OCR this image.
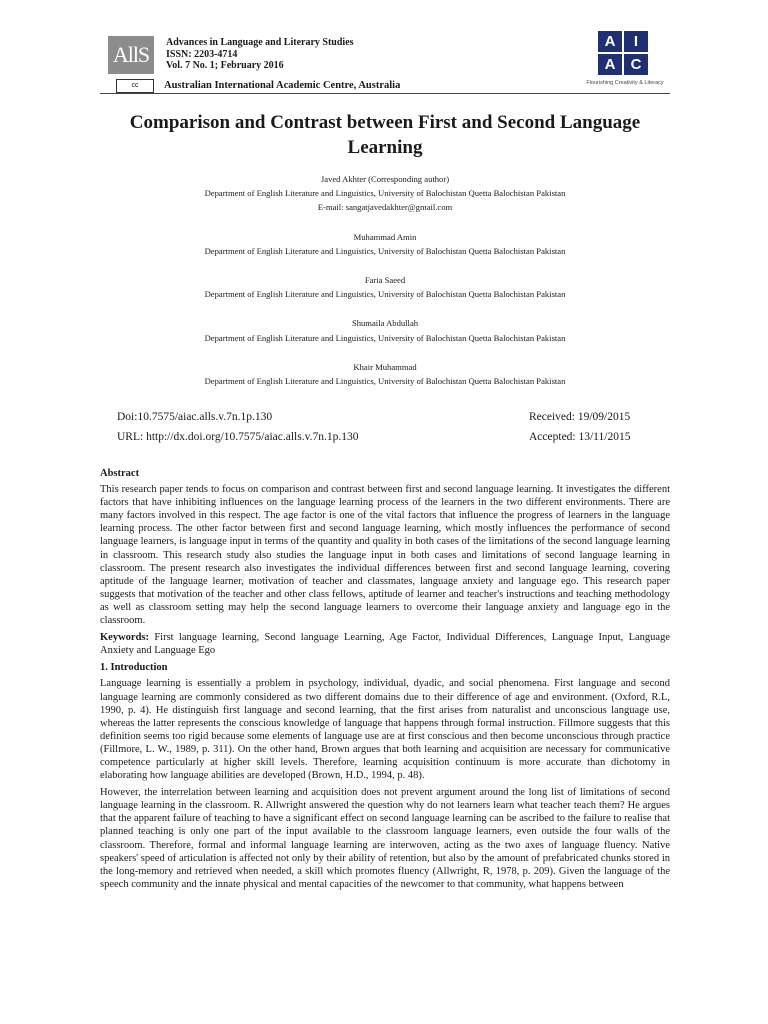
AllS	Advances in Language and Literary Studies
ISSN: 2203-4714
Vol. 7 No. 1; February 2016
cc	Australian International Academic Centre, Australia
A	I
A	C
Flourishing Creativity & Literacy
Comparison and Contrast between First and Second Language Learning
Javed Akhter (Corresponding author)
Department of English Literature and Linguistics, University of Balochistan Quetta Balochistan Pakistan
E-mail: sangatjavedakhter@gmail.com
Muhammad Amin
Department of English Literature and Linguistics, University of Balochistan Quetta Balochistan Pakistan
Faria Saeed
Department of English Literature and Linguistics, University of Balochistan Quetta Balochistan Pakistan
Shumaila Abdullah
Department of English Literature and Linguistics, University of Balochistan Quetta Balochistan Pakistan
Khair Muhammad
Department of English Literature and Linguistics, University of Balochistan Quetta Balochistan Pakistan
Doi:10.7575/aiac.alls.v.7n.1p.130	Received: 19/09/2015
URL: http://dx.doi.org/10.7575/aiac.alls.v.7n.1p.130	Accepted: 13/11/2015
Abstract

This research paper tends to focus on comparison and contrast between first and second language learning. It investigates the different factors that have inhibiting influences on the language learning process of the learners in the two different environments. There are many factors involved in this respect. The age factor is one of the vital factors that influence the progress of learners in the language learning process. The other factor between first and second language learning, which mostly influences the performance of second language learners, is language input in terms of the quantity and quality in both cases of the limitations of the second language learning in classroom. This research study also studies the language input in both cases and limitations of second language learning in classroom. The present research also investigates the individual differences between first and second language learning, covering aptitude of the language learner, motivation of teacher and classmates, language anxiety and language ego. This research paper suggests that motivation of the teacher and other class fellows, aptitude of learner and teacher's instructions and teaching methodology as well as classroom setting may help the second language learners to overcome their language anxiety and language ego in the classroom.

Keywords: First language learning, Second language Learning, Age Factor, Individual Differences, Language Input, Language Anxiety and Language Ego

1. Introduction

Language learning is essentially a problem in psychology, individual, dyadic, and social phenomena. First language and second language learning are commonly considered as two different domains due to their difference of age and environment. (Oxford, R.L, 1990, p. 4). He distinguish first language and second learning, that the first arises from naturalist and unconscious language use, whereas the latter represents the conscious knowledge of language that happens through formal instruction. Fillmore suggests that this definition seems too rigid because some elements of language use are at first conscious and then become unconscious through practice (Fillmore, L. W., 1989, p. 311). On the other hand, Brown argues that both learning and acquisition are necessary for communicative competence particularly at higher skill levels. Therefore, learning acquisition continuum is more accurate than dichotomy in elaborating how language abilities are developed (Brown, H.D., 1994, p. 48).

However, the interrelation between learning and acquisition does not prevent argument around the long list of limitations of second language learning in the classroom. R. Allwright answered the question why do not learners learn what teacher teach them? He argues that the apparent failure of teaching to have a significant effect on second language learning can be ascribed to the failure to realise that planned teaching is only one part of the input available to the classroom language learners, even outside the four walls of the classroom. Therefore, formal and informal language learning are interwoven, acting as the two axes of language fluency. Native speakers' speed of articulation is affected not only by their ability of retention, but also by the amount of prefabricated chunks stored in the long-memory and retrieved when needed, a skill which promotes fluency (Allwright, R, 1978, p. 209). Given the language of the speech community and the innate physical and mental capacities of the newcomer to that community, what happens between
